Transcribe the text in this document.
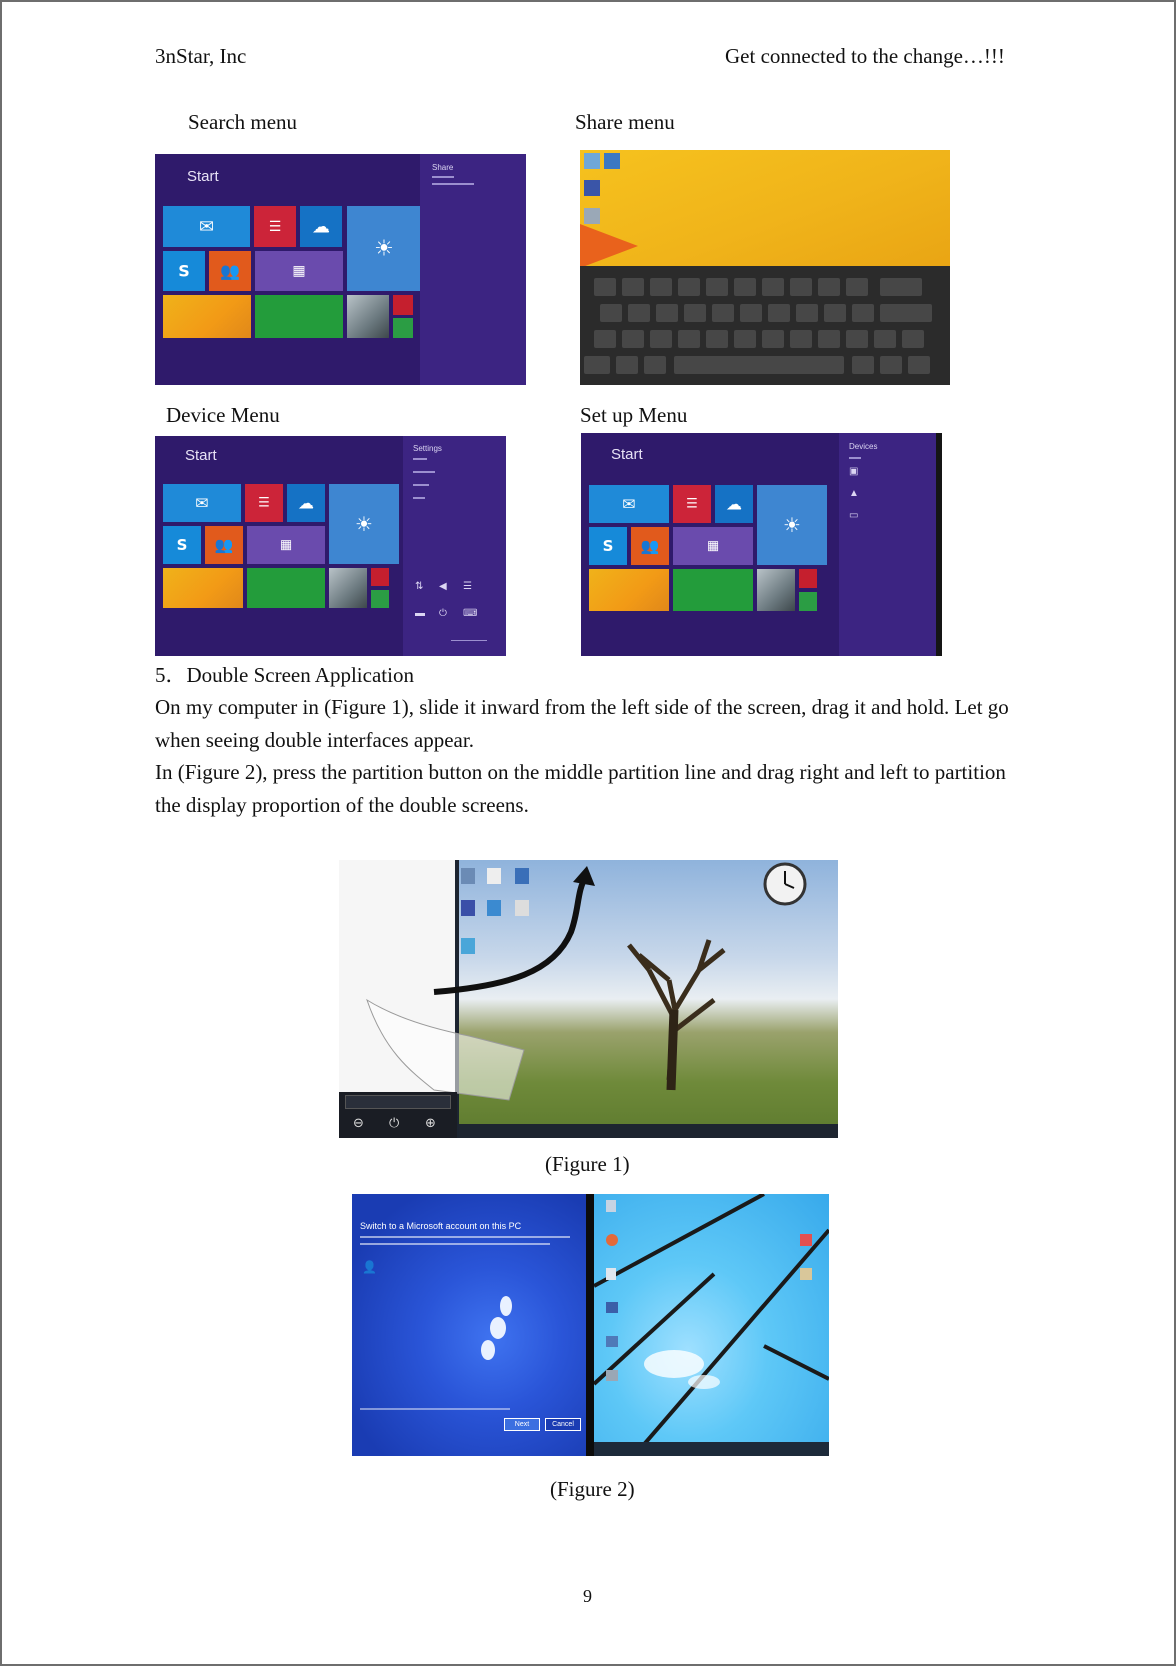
3nStar, Inc	Get connected to the change…!!!
Search menu	Share menu
Start
✉	☰ ☁
☀
S 👥	▦
Share
Device Menu	Set up Menu
Start
✉	☰ ☁
☀
S 👥	▦
Settings
⇅ ◀ ☰
▬ ⏻ ⌨
Start
✉	☰ ☁
☀
S 👥	▦
Devices
▣
▲
▭
5．Double Screen Application
On my computer in (Figure 1), slide it inward from the left side of the screen, drag it and hold. Let go when seeing double interfaces appear.
In (Figure 2), press the partition button on the middle partition line and drag right and left to partition the display proportion of the double screens.
⊖ ⏻ ⊕
(Figure 1)
Switch to a Microsoft account on this PC
👤
Next	Cancel
(Figure 2)
9
